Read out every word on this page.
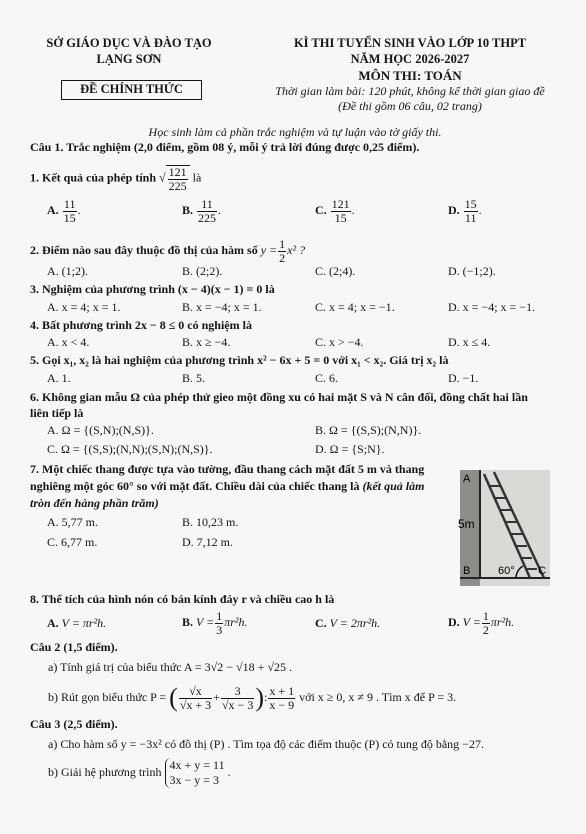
SỞ GIÁO DỤC VÀ ĐÀO TẠO
LẠNG SƠN
ĐỀ CHÍNH THỨC
KÌ THI TUYỂN SINH VÀO LỚP 10 THPT
NĂM HỌC 2026-2027
MÔN THI: TOÁN
Thời gian làm bài: 120 phút, không kể thời gian giao đề
(Đề thi gồm 06 câu, 02 trang)
Học sinh làm cả phần trắc nghiệm và tự luận vào tờ giấy thi.
Câu 1. Trắc nghiệm (2,0 điểm, gồm 08 ý, mỗi ý trả lời đúng được 0,25 điểm).
1. Kết quả của phép tính √ $\frac{121}{225}$ là
A. $\frac{11}{15}$ .	B. $\frac{11}{225}$ .	C. $\frac{121}{15}$ .	D. $\frac{15}{11}$ .
2. Điểm nào sau đây thuộc đồ thị của hàm số $y = \frac{1}{2} x^2$ ?
A. (1;2).	B. (2;2).	C. (2;4).	D. (−1;2).
3. Nghiệm của phương trình (x − 4)(x − 1) = 0 là
A. x = 4; x = 1.	B. x = −4; x = 1.	C. x = 4; x = −1.	D. x = −4; x = −1.
4. Bất phương trình 2x − 8 ≤ 0 có nghiệm là
A. x < 4.	B. x ≥ −4.	C. x > −4.	D. x ≤ 4.
5. Gọi x₁, x₂ là hai nghiệm của phương trình x² − 6x + 5 = 0 với x₁ < x₂. Giá trị x₂ là
A. 1.	B. 5.	C. 6.	D. −1.
6. Không gian mẫu Ω của phép thử gieo một đồng xu có hai mặt S và N cân đối, đồng chất hai lần
liên tiếp là
A. Ω = {(S,N);(N,S)}.	B. Ω = {(S,S);(N,N)}.
C. Ω = {(S,S);(N,N);(S,N);(N,S)}.	D. Ω = {S;N}.
7. Một chiếc thang được tựa vào tường, đầu thang cách mặt đất 5 m và thang
nghiêng một góc 60° so với mặt đất. Chiều dài của chiếc thang là (kết quả làm
tròn đến hàng phần trăm)
A. 5,77 m.	B. 10,23 m.
C. 6,77 m.	D. 7,12 m.
A
5m
B	60° C
8. Thể tích của hình nón có bán kính đáy r và chiều cao h là
A. V = πr²h.	B. $V = \frac{1}{3} \pi r^2h$.	C. V = 2πr²h.	D. $V = \frac{1}{2} \pi r^2h$.
Câu 2 (1,5 điểm).
a) Tính giá trị của biểu thức A = 3√2 − √18 + √25 .
b) Rút gọn biểu thức P = ( $\frac{√x}{√x + 3} + \frac{3}{√x - 3}$ ): $\frac{x + 1}{x - 9}$ với x ≥ 0, x ≠ 9 . Tìm x để P = 3.
Câu 3 (2,5 điểm).
a) Cho hàm số y = −3x² có đồ thị (P) . Tìm tọa độ các điểm thuộc (P) có tung độ bằng −27.
b) Giải hệ phương trình 4x + y = 11
3x − y = 3
.
